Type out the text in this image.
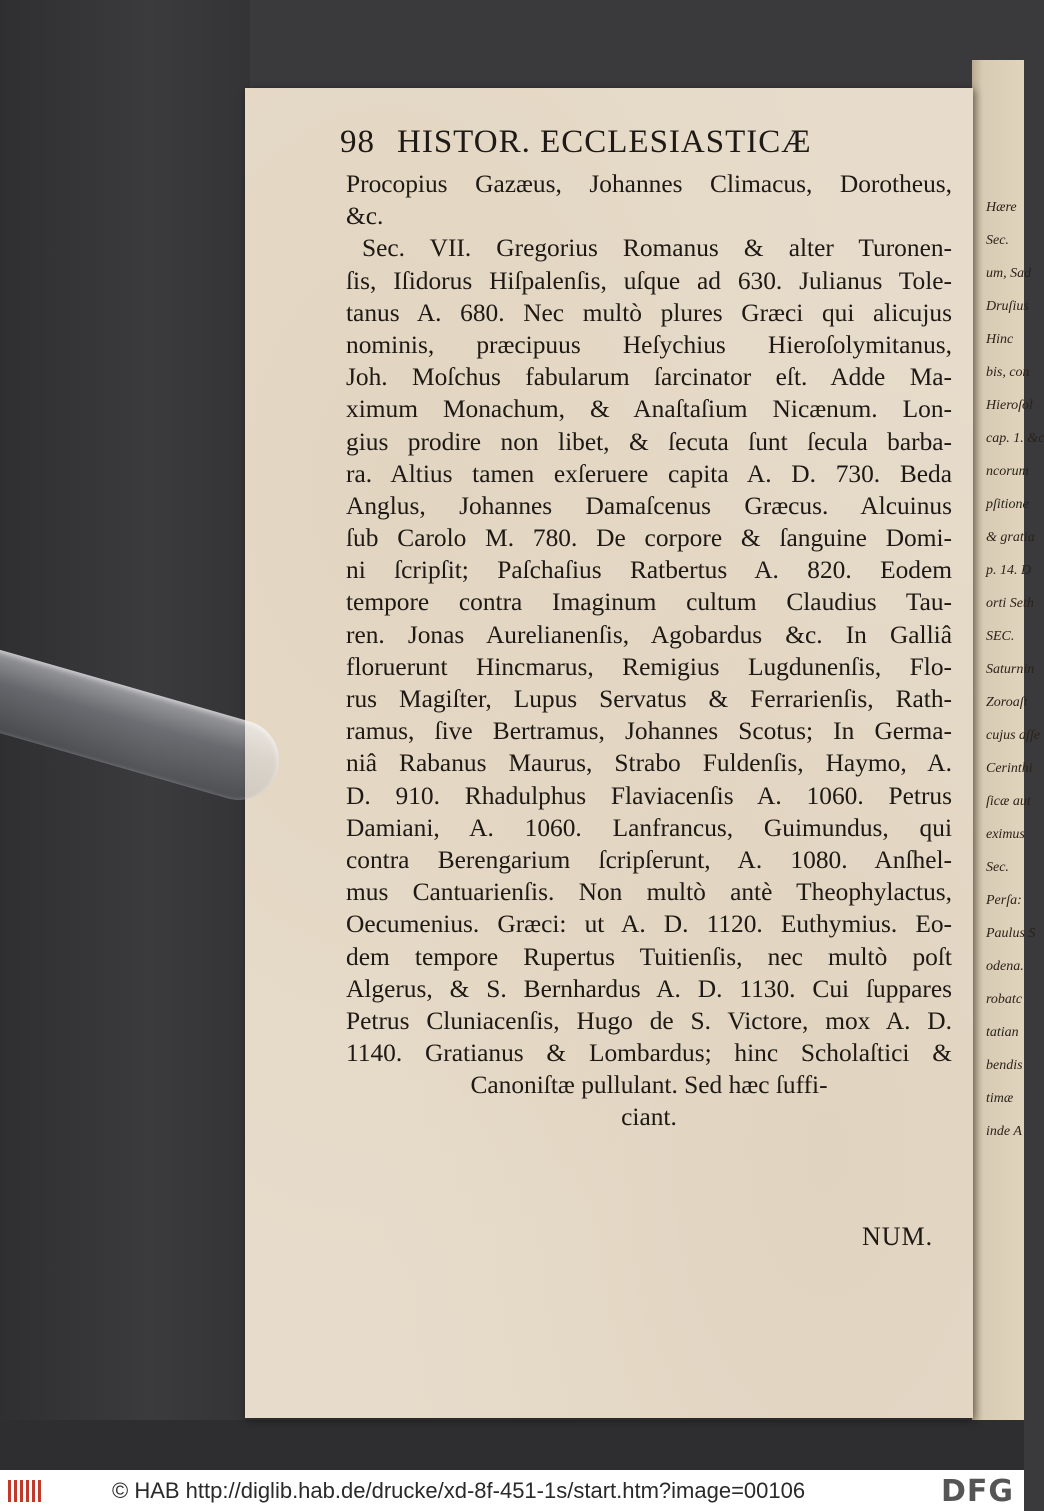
Hære
Sec.
um, Sad
Druſius
Hinc
bis, con
Hieroſol
cap. 1. &c
ncorum
pſitione
& gratia
p. 14. D
orti Seth
SEC.
Saturnin
Zoroaſt
cujus aſſe
Cerinthi
ſicæ aut
eximus
Sec.
Perſa:
Paulus S
odena.
robatc
tatian
bendis
timæ
inde A
98 HISTOR. ECCLESIASTICÆ
Procopius Gazæus, Johannes Climacus, Dorotheus,
&c.
Sec. VII. Gregorius Romanus & alter Turonen-
ſis, Iſidorus Hiſpalenſis, uſque ad 630. Julianus Tole-
tanus A. 680. Nec multò plures Græci qui alicujus
nominis, præcipuus Heſychius Hieroſolymitanus,
Joh. Moſchus fabularum ſarcinator eſt. Adde Ma-
ximum Monachum, & Anaſtaſium Nicænum. Lon-
gius prodire non libet, & ſecuta ſunt ſecula barba-
ra. Altius tamen exſeruere capita A. D. 730. Beda
Anglus, Johannes Damaſcenus Græcus. Alcuinus
ſub Carolo M. 780. De corpore & ſanguine Domi-
ni ſcripſit; Paſchaſius Ratbertus A. 820. Eodem
tempore contra Imaginum cultum Claudius Tau-
ren. Jonas Aurelianenſis, Agobardus &c. In Galliâ
floruerunt Hincmarus, Remigius Lugdunenſis, Flo-
rus Magiſter, Lupus Servatus & Ferrarienſis, Rath-
ramus, ſive Bertramus, Johannes Scotus; In Germa-
niâ Rabanus Maurus, Strabo Fuldenſis, Haymo, A.
D. 910. Rhadulphus Flaviacenſis A. 1060. Petrus
Damiani, A. 1060. Lanfrancus, Guimundus, qui
contra Berengarium ſcripſerunt, A. 1080. Anſhel-
mus Cantuarienſis. Non multò antè Theophylactus,
Oecumenius. Græci: ut A. D. 1120. Euthymius. Eo-
dem tempore Rupertus Tuitienſis, nec multò poſt
Algerus, & S. Bernhardus A. D. 1130. Cui ſuppares
Petrus Cluniacenſis, Hugo de S. Victore, mox A. D.
1140. Gratianus & Lombardus; hinc Scholaſtici &
Canoniſtæ pullulant. Sed hæc ſuffi-
ciant.
NUM.
© HAB http://diglib.hab.de/drucke/xd-8f-451-1s/start.htm?image=00106	DFG
